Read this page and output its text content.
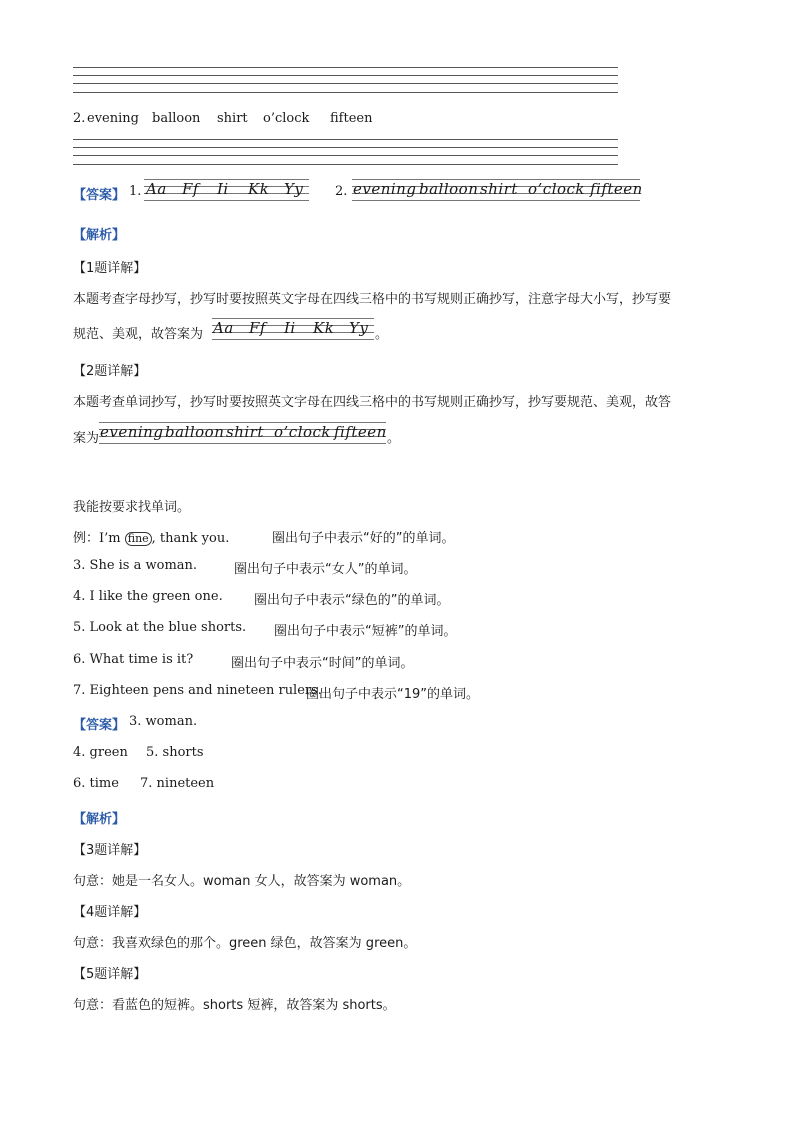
2. evening balloon shirt o’clock fifteen
【答案】 1. Aa Ff Ii Kk Yy 2. evening balloon shirt o’clock fifteen
【解析】
【1题详解】
本题考查字母抄写，抄写时要按照英文字母在四线三格中的书写规则正确抄写，注意字母大小写，抄写要
规范、美观，故答案为 Aa Ff Ii Kk Yy 。
【2题详解】
本题考查单词抄写，抄写时要按照英文字母在四线三格中的书写规则正确抄写，抄写要规范、美观，故答
案为 evening balloon shirt o’clock fifteen 。
我能按要求找单词。
例：I’m fine , thank you.	圈出句子中表示“好的”的单词。
3. She is a woman.	圈出句子中表示“女人”的单词。
4. I like the green one. 圈出句子中表示“绿色的”的单词。
5. Look at the blue shorts. 圈出句子中表示“短裤”的单词。
6. What time is it?	圈出句子中表示“时间”的单词。
7. Eighteen pens and nineteen rulers.
圈出句子中表示“19”的单词。
【答案】 3. woman.
4. green 5. shorts
6. time 7. nineteen
【解析】
【3题详解】
句意：她是一名女人。woman 女人，故答案为 woman。
【4题详解】
句意：我喜欢绿色的那个。green 绿色，故答案为 green。
【5题详解】
句意：看蓝色的短裤。shorts 短裤，故答案为 shorts。
